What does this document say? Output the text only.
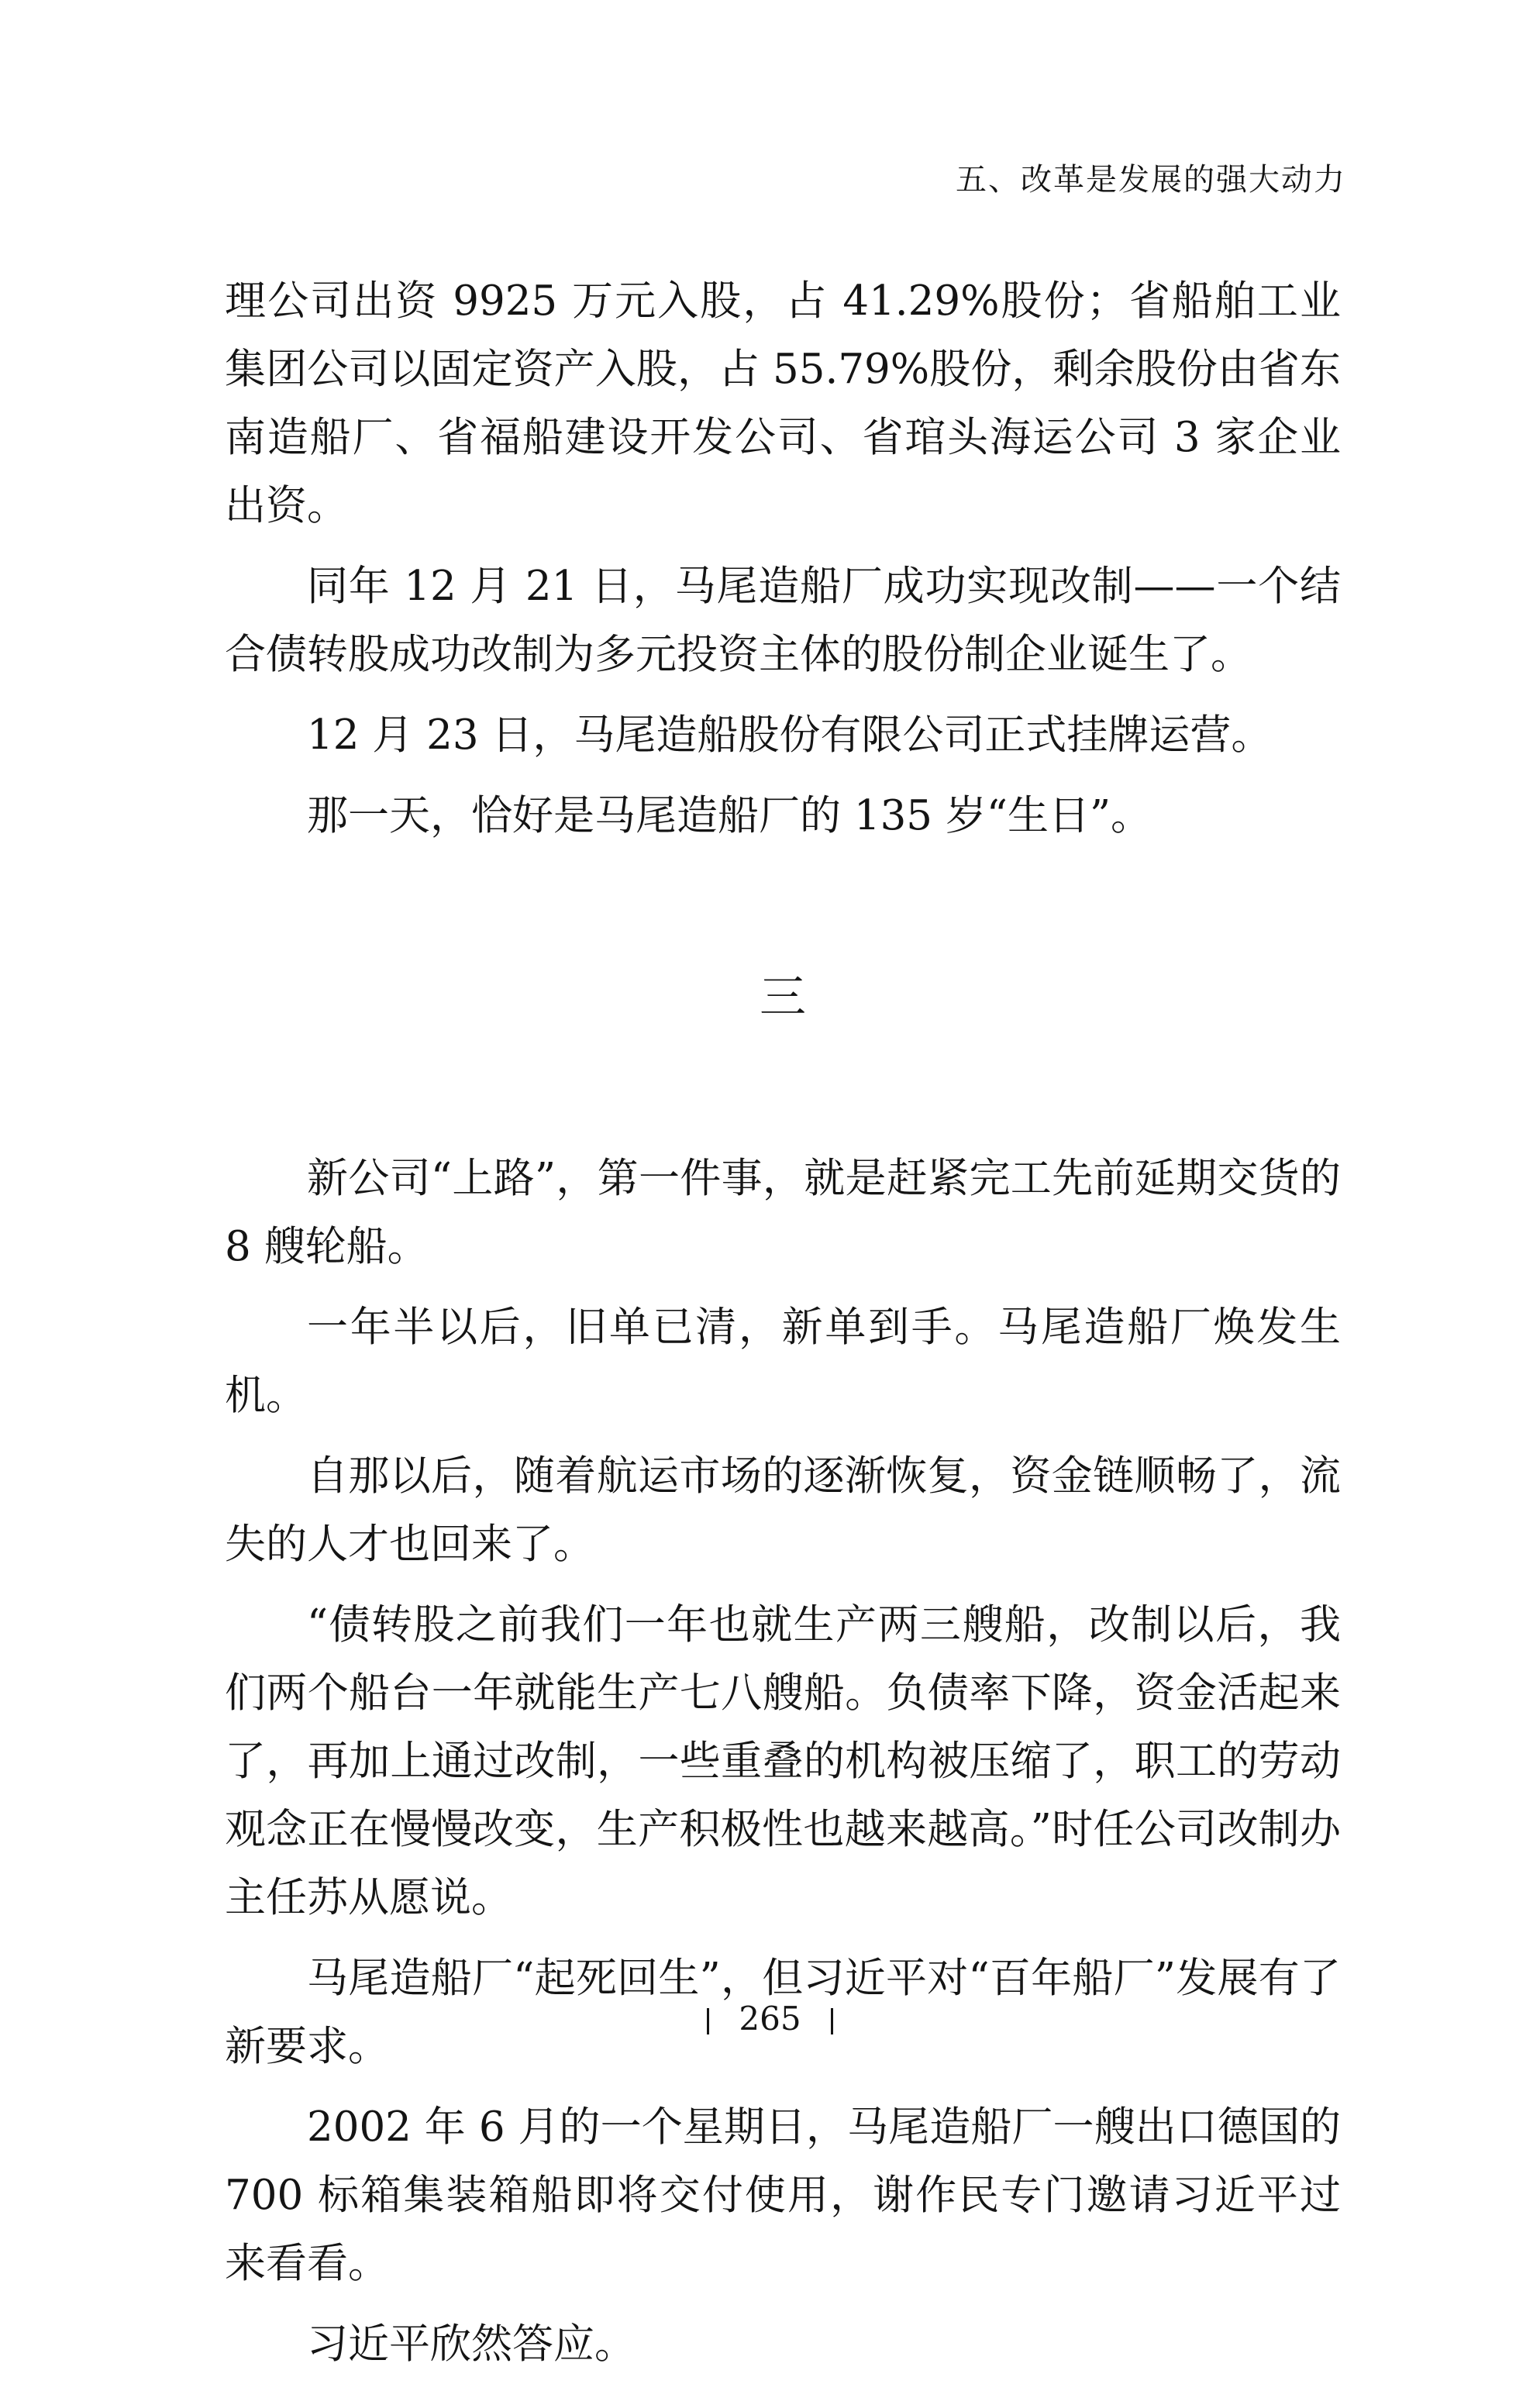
五、改革是发展的强大动力

理公司出资 9925 万元入股，占 41.29%股份；省船舶工业集团公司以固定资产入股，占 55.79%股份，剩余股份由省东南造船厂、省福船建设开发公司、省琯头海运公司 3 家企业出资。

同年 12 月 21 日，马尾造船厂成功实现改制——一个结合债转股成功改制为多元投资主体的股份制企业诞生了。

12 月 23 日，马尾造船股份有限公司正式挂牌运营。

那一天，恰好是马尾造船厂的 135 岁“生日”。

三

新公司“上路”，第一件事，就是赶紧完工先前延期交货的 8 艘轮船。

一年半以后，旧单已清，新单到手。马尾造船厂焕发生机。

自那以后，随着航运市场的逐渐恢复，资金链顺畅了，流失的人才也回来了。

“债转股之前我们一年也就生产两三艘船，改制以后，我们两个船台一年就能生产七八艘船。负债率下降，资金活起来了，再加上通过改制，一些重叠的机构被压缩了，职工的劳动观念正在慢慢改变，生产积极性也越来越高。”时任公司改制办主任苏从愿说。

马尾造船厂“起死回生”，但习近平对“百年船厂”发展有了新要求。

2002 年 6 月的一个星期日，马尾造船厂一艘出口德国的 700 标箱集装箱船即将交付使用，谢作民专门邀请习近平过来看看。

习近平欣然答应。

265
